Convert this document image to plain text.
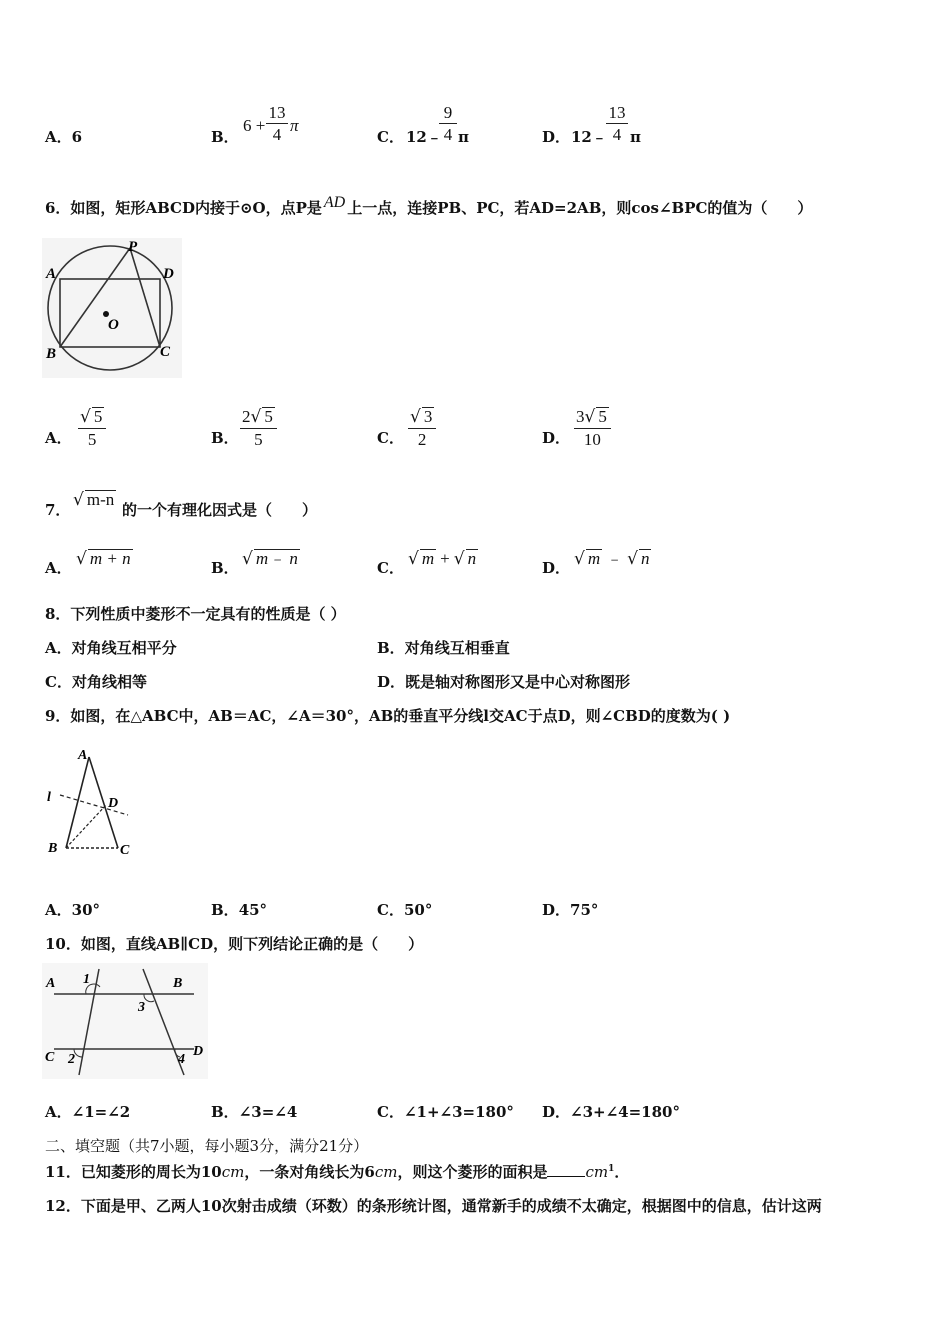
A．6	B．
6 +
13
4 π
C． 12﹣
9
4 π	D． 12﹣
13
4 π
6．如图，矩形ABCD内接于⊙O，点P是 AD 上一点，连接PB、PC，若AD=2AB，则cos∠BPC的值为（　　）
A
B	C
D
P
O
A．
√ 5
5	B．
2√ 5
5	C．
√ 3
2	D．
3√ 5
10
7． √ m-n
的一个有理化因式是（　　）
A． √ m + n	B． √ m﹣ n	C． √ m + √ n	D． √ m ﹣ √ n
8．下列性质中菱形不一定具有的性质是（ ）
A．对角线互相平分	B．对角线互相垂直
C．对角线相等	D．既是轴对称图形又是中心对称图形
9．如图，在△ABC中，AB＝AC，∠A＝30°，AB的垂直平分线l交AC于点D，则∠CBD的度数为( )
A
B	C
D
l
A．30°	B．45°	C．50°	D．75°
10．如图，直线AB∥CD，则下列结论正确的是（　　）
A	B
C	D
1
2
3
4
A．∠1=∠2	B．∠3=∠4	C．∠1+∠3=180° D．∠3+∠4=180°
二、填空题（共7小题，每小题3分，满分21分）
11．已知菱形的周长为10cm，一条对角线长为6cm，则这个菱形的面积是	$cm^1$．
12．下面是甲、乙两人10次射击成绩（环数）的条形统计图，通常新手的成绩不太确定，根据图中的信息，估计这两
